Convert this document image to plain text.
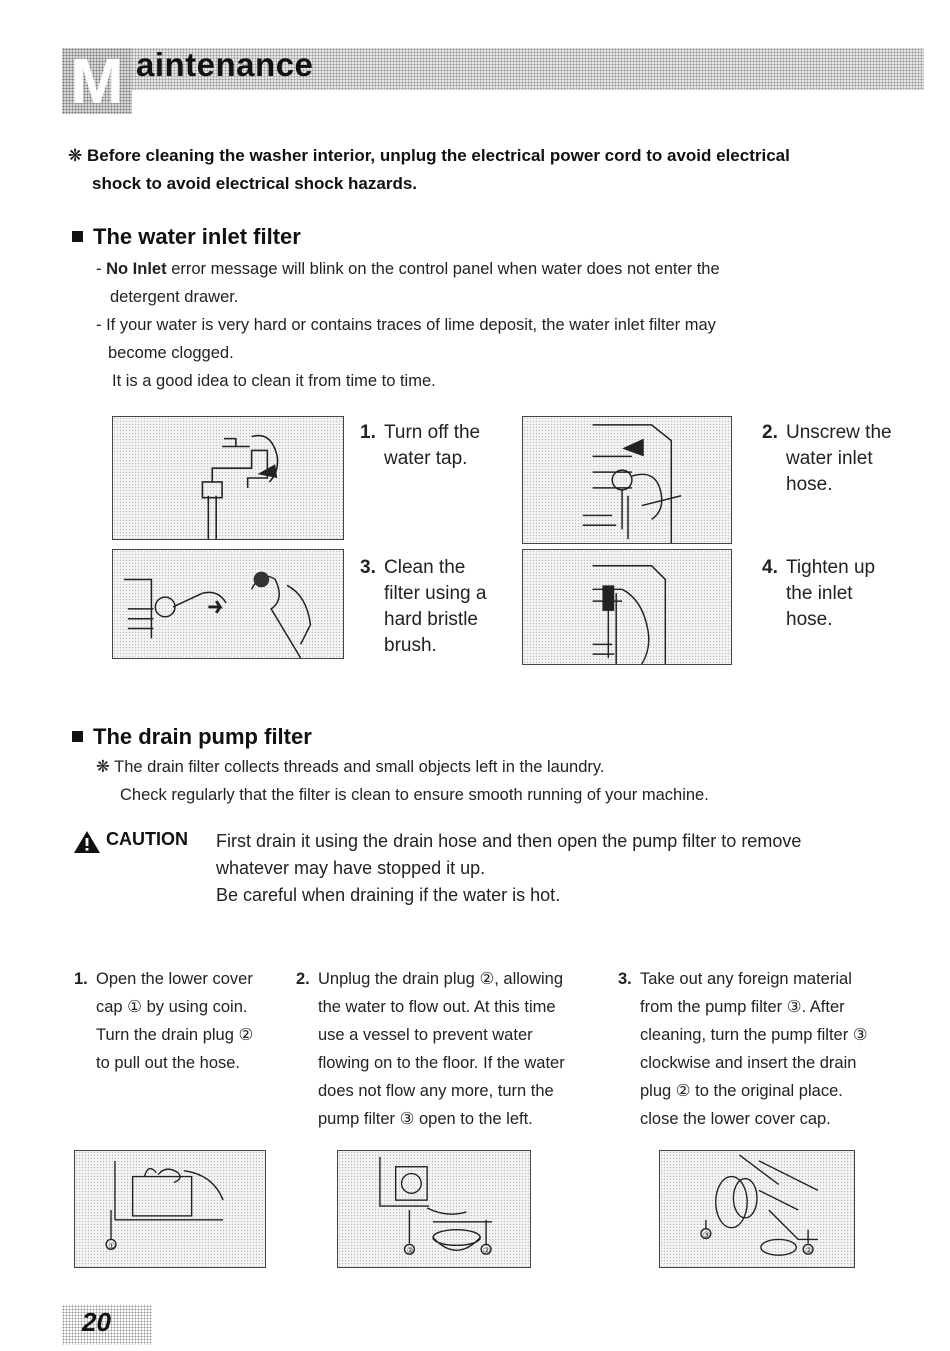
M aintenance
❋ Before cleaning the washer interior, unplug the electrical power cord to avoid electrical
shock to avoid electrical shock hazards.
The water inlet filter
- No Inlet error message will blink on the control panel when water does not enter the
detergent drawer.
- If your water is very hard or contains traces of lime deposit, the water inlet filter may
become clogged.
It is a good idea to clean it from time to time.
1. Turn off the
water tap.
2. Unscrew the
water inlet
hose.
3. Clean the
filter using a
hard bristle
brush.
4. Tighten up
the inlet
hose.
The drain pump filter
❋ The drain filter collects threads and small objects left in the laundry.
Check regularly that the filter is clean to ensure smooth running of your machine.
CAUTION First drain it using the drain hose and then open the pump filter to remove
whatever may have stopped it up.
Be careful when draining if the water is hot.
1. Open the lower cover
cap ① by using coin.
Turn the drain plug ②
to pull out the hose.
2. Unplug the drain plug ②, allowing
the water to flow out. At this time
use a vessel to prevent water
flowing on to the floor. If the water
does not flow any more, turn the
pump filter ③ open to the left.
3. Take out any foreign material
from the pump filter ③. After
cleaning, turn the pump filter ③
clockwise and insert the drain
plug ② to the original place.
close the lower cover cap.
①
③	②
③
②
20
